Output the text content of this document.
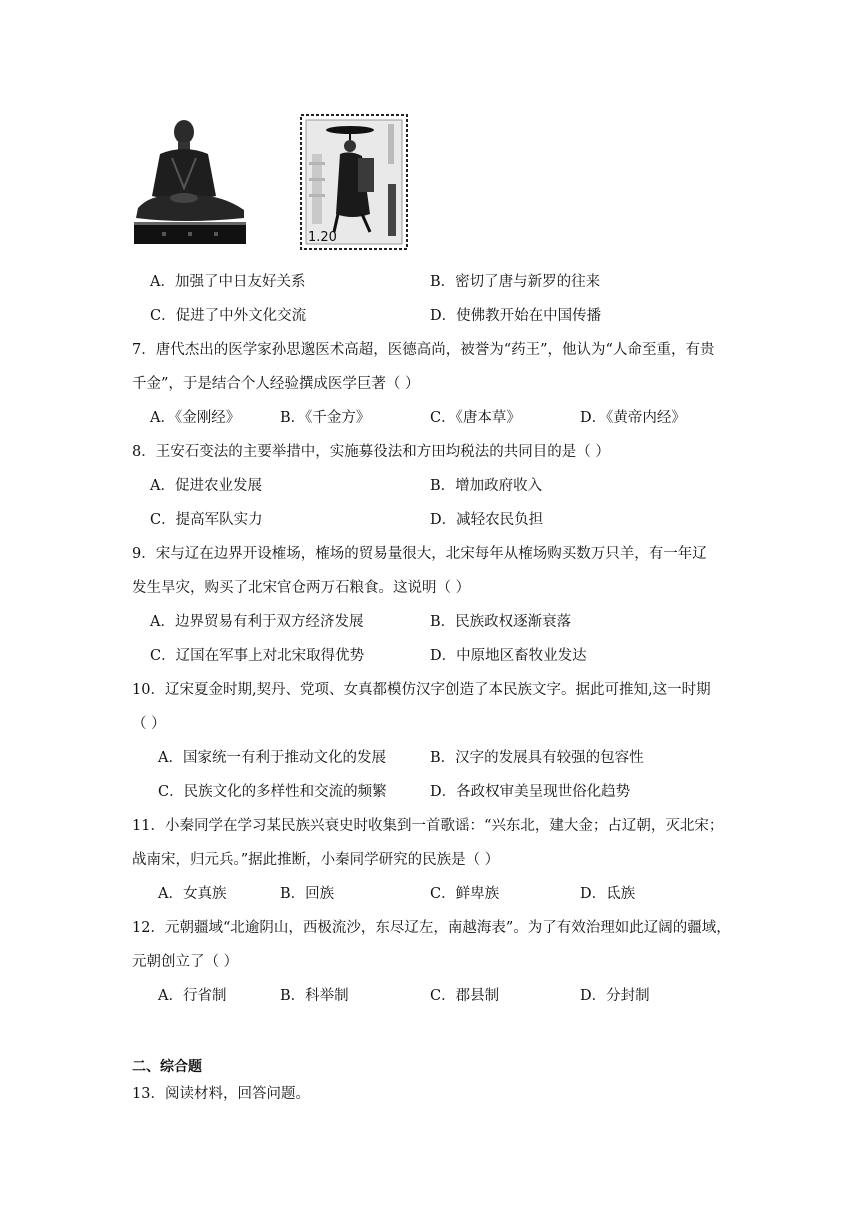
1.20
A．加强了中日友好关系	B．密切了唐与新罗的往来
C．促进了中外文化交流	D．使佛教开始在中国传播
7．唐代杰出的医学家孙思邈医术高超，医德高尚，被誉为“药王”，他认为“人命至重，有贵
千金”，于是结合个人经验撰成医学巨著（ ）
A．《金刚经》	B．《千金方》	C．《唐本草》	D．《黄帝内经》
8．王安石变法的主要举措中，实施募役法和方田均税法的共同目的是（ ）
A．促进农业发展	B．增加政府收入
C．提高军队实力	D．减轻农民负担
9．宋与辽在边界开设榷场，榷场的贸易量很大，北宋每年从榷场购买数万只羊，有一年辽
发生旱灾，购买了北宋官仓两万石粮食。这说明（ ）
A．边界贸易有利于双方经济发展	B．民族政权逐渐衰落
C．辽国在军事上对北宋取得优势	D．中原地区畜牧业发达
10．辽宋夏金时期,契丹、党项、女真都模仿汉字创造了本民族文字。据此可推知,这一时期
（ ）
A．国家统一有利于推动文化的发展	B．汉字的发展具有较强的包容性
C．民族文化的多样性和交流的频繁	D．各政权审美呈现世俗化趋势
11．小秦同学在学习某民族兴衰史时收集到一首歌谣：“兴东北，建大金；占辽朝，灭北宋；
战南宋，归元兵。”据此推断，小秦同学研究的民族是（ ）
A．女真族	B．回族	C．鲜卑族	D．氐族
12．元朝疆域“北逾阴山，西极流沙，东尽辽左，南越海表”。为了有效治理如此辽阔的疆域，
元朝创立了（ ）
A．行省制	B．科举制	C．郡县制	D．分封制
二、综合题
13．阅读材料，回答问题。
